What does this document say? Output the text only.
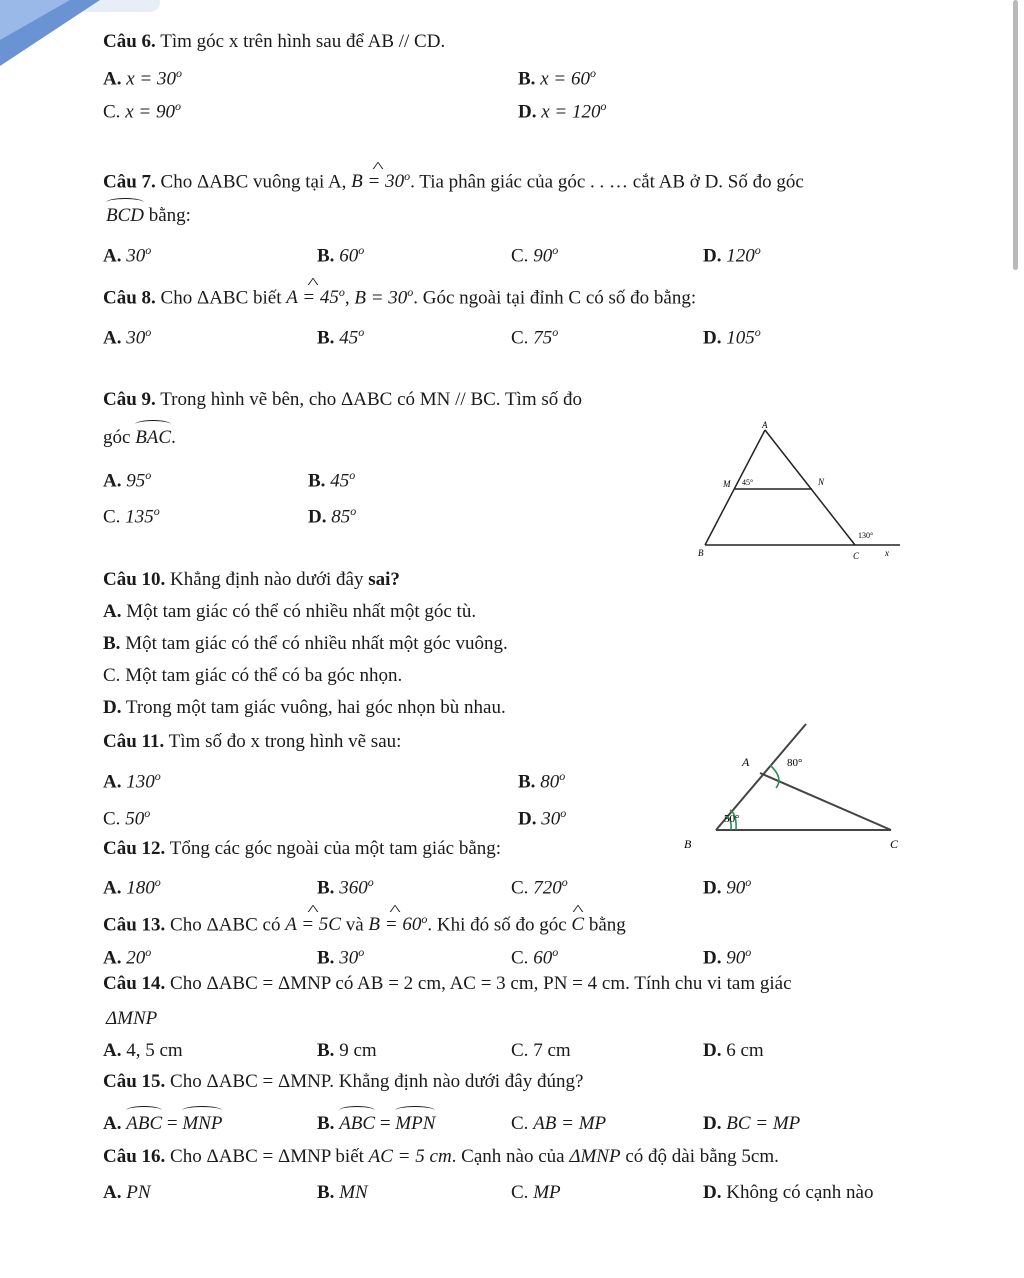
Câu 6. Tìm góc x trên hình sau để AB // CD.
A. $x = 30^o$	B. $x = 60^o$
C. $x = 90^o$	D. $x = 120^o$
Câu 7. Cho ΔABC vuông tại A, ^ $B = 30^o$. Tia phân giác của góc . . … cắt AB ở D. Số đo góc
BCD bằng:
A. 30$^o$	B. 60$^o$	C. 90$^o$	D. 120$^o$
Câu 8. Cho ΔABC biết ^ $A = 45^o$, $B = 30^o$. Góc ngoài tại đỉnh C có số đo bằng:
A. 30$^o$	B. 45$^o$	C. 75$^o$	D. 105$^o$
Câu 9. Trong hình vẽ bên, cho ΔABC có MN // BC. Tìm số đo
góc BAC.
A. 95$^o$	B. 45$^o$
C. 135$^o$	D. 85$^o$
A
M 45°	N
130°
B	C	x
Câu 10. Khẳng định nào dưới đây sai?
A. Một tam giác có thể có nhiều nhất một góc tù.
B. Một tam giác có thể có nhiều nhất một góc vuông.
C. Một tam giác có thể có ba góc nhọn.
D. Trong một tam giác vuông, hai góc nhọn bù nhau.
Câu 11. Tìm số đo x trong hình vẽ sau:
A. 130$^o$	B. 80$^o$
C. 50$^o$	D. 30$^o$
A	80°
50°
B	C
Câu 12. Tổng các góc ngoài của một tam giác bằng:
A. 180$^o$	B. 360$^o$	C. 720$^o$	D. 90$^o$
Câu 13. Cho ΔABC có ^ A = 5C và ^ $B = 60^o$. Khi đó số đo góc ^ C bằng
A. 20$^o$	B. 30$^o$	C. 60$^o$	D. 90$^o$
Câu 14. Cho ΔABC = ΔMNP có AB = 2 cm, AC = 3 cm, PN = 4 cm. Tính chu vi tam giác
ΔMNP
A. 4, 5 cm	B. 9 cm	C. 7 cm	D. 6 cm
Câu 15. Cho ΔABC = ΔMNP. Khẳng định nào dưới đây đúng?
A. ABC = MNP	B. ABC = MPN	C. AB = MP	D. BC = MP
Câu 16. Cho ΔABC = ΔMNP biết AC = 5 cm. Cạnh nào của ΔMNP có độ dài bằng 5cm.
A. PN	B. MN	C. MP	D. Không có cạnh nào
